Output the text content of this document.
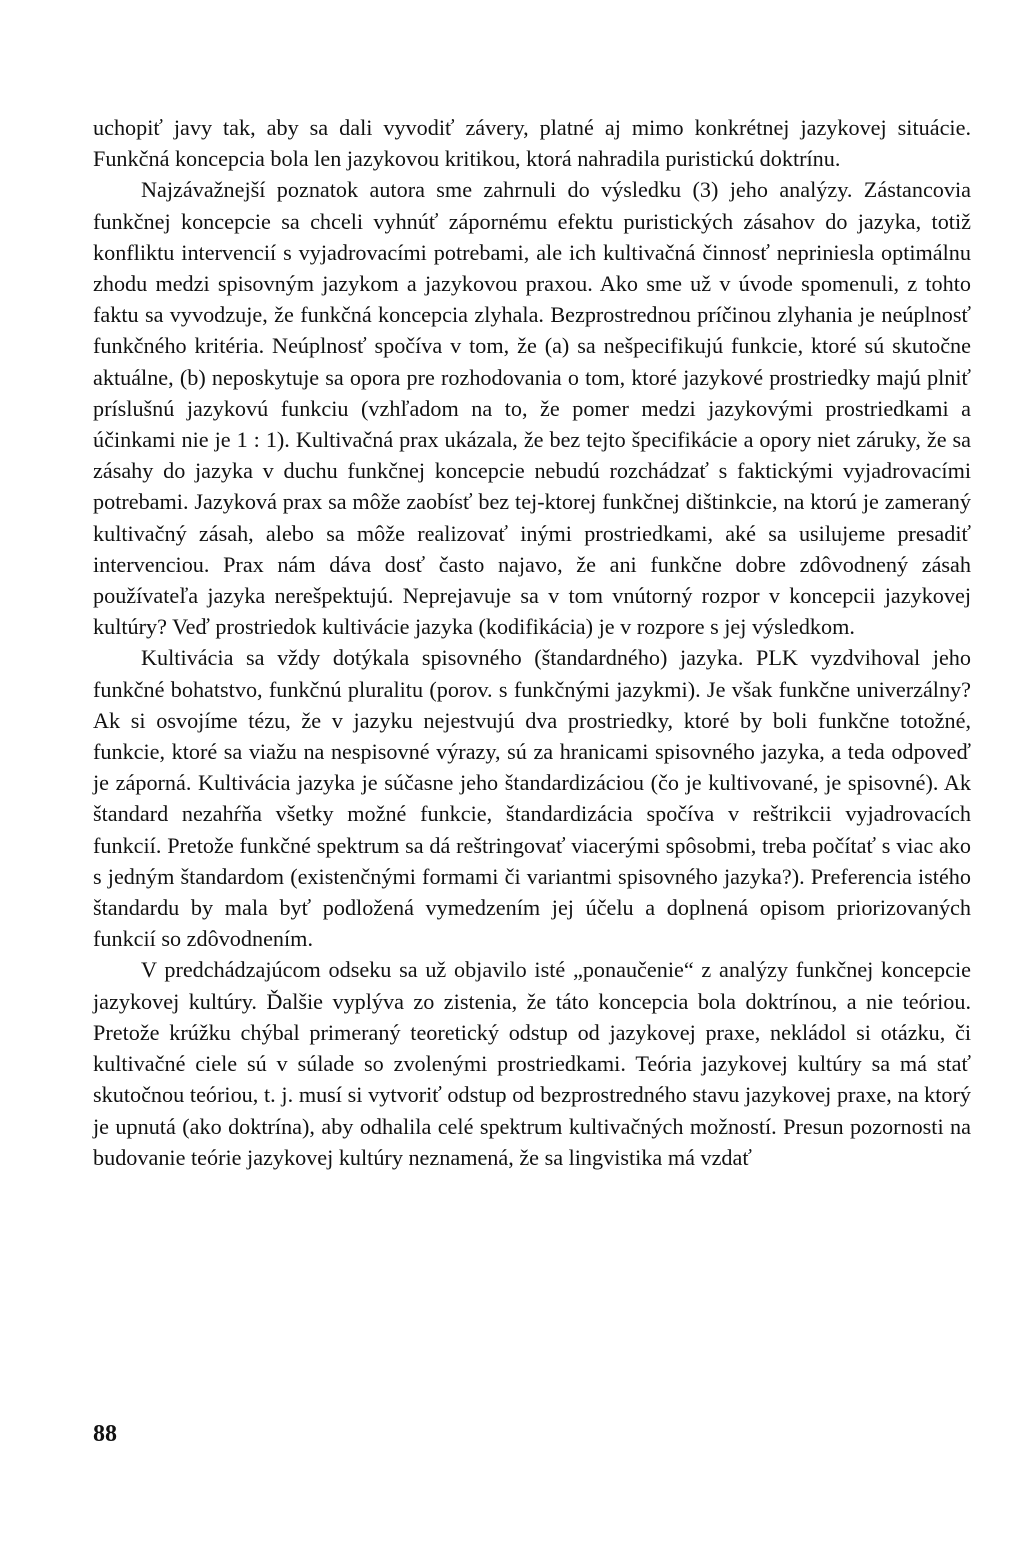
uchopiť javy tak, aby sa dali vyvodiť závery, platné aj mimo konkrétnej jazykovej situácie. Funkčná koncepcia bola len jazykovou kritikou, ktorá nahradila puristickú doktrínu.

Najzávažnejší poznatok autora sme zahrnuli do výsledku (3) jeho analýzy. Zástancovia funkčnej koncepcie sa chceli vyhnúť zápornému efektu puristických zásahov do jazyka, totiž konfliktu intervencií s vyjadrovacími potrebami, ale ich kultivačná činnosť nepriniesla optimálnu zhodu medzi spisovným jazykom a jazykovou praxou. Ako sme už v úvode spomenuli, z tohto faktu sa vyvodzuje, že funkčná koncepcia zlyhala. Bezprostrednou príčinou zlyhania je neúplnosť funkčného kritéria. Neúplnosť spočíva v tom, že (a) sa nešpecifikujú funkcie, ktoré sú skutočne aktuálne, (b) neposkytuje sa opora pre rozhodovania o tom, ktoré jazykové prostriedky majú plniť príslušnú jazykovú funkciu (vzhľadom na to, že pomer medzi jazykovými prostriedkami a účinkami nie je 1 : 1). Kultivačná prax ukázala, že bez tejto špecifikácie a opory niet záruky, že sa zásahy do jazyka v duchu funkčnej koncepcie nebudú rozchádzať s faktickými vyjadrovacími potrebami. Jazyková prax sa môže zaobísť bez tej-ktorej funkčnej dištinkcie, na ktorú je zameraný kultivačný zásah, alebo sa môže realizovať inými prostriedkami, aké sa usilujeme presadiť intervenciou. Prax nám dáva dosť často najavo, že ani funkčne dobre zdôvodnený zásah používateľa jazyka nerešpektujú. Neprejavuje sa v tom vnútorný rozpor v koncepcii jazykovej kultúry? Veď prostriedok kultivácie jazyka (kodifikácia) je v rozpore s jej výsledkom.

Kultivácia sa vždy dotýkala spisovného (štandardného) jazyka. PLK vyzdvihoval jeho funkčné bohatstvo, funkčnú pluralitu (porov. s funkčnými jazykmi). Je však funkčne univerzálny? Ak si osvojíme tézu, že v jazyku nejestvujú dva prostriedky, ktoré by boli funkčne totožné, funkcie, ktoré sa viažu na nespisovné výrazy, sú za hranicami spisovného jazyka, a teda odpoveď je záporná. Kultivácia jazyka je súčasne jeho štandardizáciou (čo je kultivované, je spisovné). Ak štandard nezahŕňa všetky možné funkcie, štandardizácia spočíva v reštrikcii vyjadrovacích funkcií. Pretože funkčné spektrum sa dá reštringovať viacerými spôsobmi, treba počítať s viac ako s jedným štandardom (existenčnými formami či variantmi spisovného jazyka?). Preferencia istého štandardu by mala byť podložená vymedzením jej účelu a doplnená opisom priorizovaných funkcií so zdôvodnením.

V predchádzajúcom odseku sa už objavilo isté „ponaučenie“ z analýzy funkčnej koncepcie jazykovej kultúry. Ďalšie vyplýva zo zistenia, že táto koncepcia bola doktrínou, a nie teóriou. Pretože krúžku chýbal primeraný teoretický odstup od jazykovej praxe, nekládol si otázku, či kultivačné ciele sú v súlade so zvolenými prostriedkami. Teória jazykovej kultúry sa má stať skutočnou teóriou, t. j. musí si vytvoriť odstup od bezprostredného stavu jazykovej praxe, na ktorý je upnutá (ako doktrína), aby odhalila celé spektrum kultivačných možností. Presun pozornosti na budovanie teórie jazykovej kultúry neznamená, že sa lingvistika má vzdať

88
